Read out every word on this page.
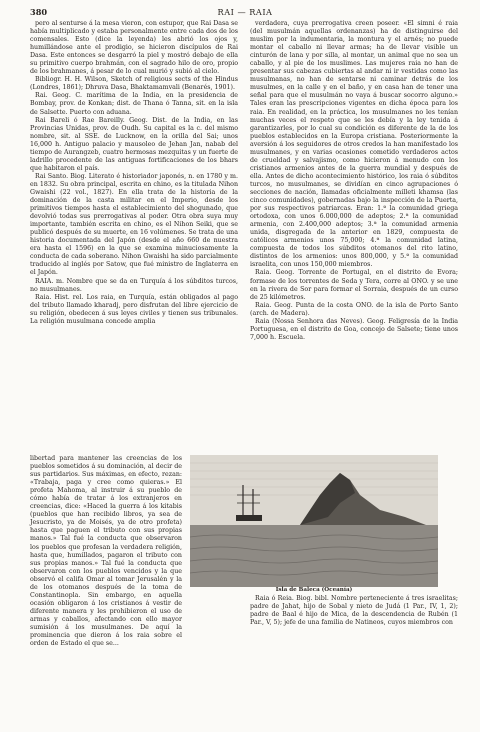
380	RAI — RAIA

pero al senturse á la mesa vieron, con estupor, que Rai Dasa se había multiplicado y estaba personalmente entre cada dos de los comensales. Esto (dice la leyenda) les abrió los ojos y, humillándose ante el prodigio, se hicieron discípulos de Rai Dasa. Este entonces se desgarró la piel y mostró debajo de ella su primitivo cuerpo brahmán, con el sagrado hilo de oro, propio de los brahmanes, á pesar de lo cual murió y subió al cielo.

Bibliogr. H. H. Wilson, Sketch of religious sects of the Hindus (Londres, 1861); Dhruva Dasa, Bhaktamamvali (Benarés, 1901).

Rai. Geog. C. marítima de la India, en la presidencia de Bombay, prov. de Konkan; dist. de Thana ó Tanna, sit. en la isla de Salsette. Puerto con aduana.

Rai Bareli ó Rae Bareilly. Geog. Dist. de la India, en las Provincias Unidas, prov. de Oudh. Su capital es la c. del mismo nombre, sit. al SSE. de Lucknow, en la orilla del Sai; unos 16,000 h. Antiguo palacio y mausoleo de Jehan Jan, nabab del tiempo de Aurangzeb, cuatro hermosas mezquitas y un fuerte de ladrillo procedente de las antiguas fortificaciones de los bhars que habitaron el país.

Rai Santo. Biog. Literato é historiador japonés, n. en 1780 y m. en 1832. Su obra principal, escrita en chino, es la titulada Nihon Gwaishi (22 vol., 1827). En ella trata de la historia de la dominación de la casta militar en el Imperio, desde los primitivos tiempos hasta el establecimiento del shogunado, que devolvió todas sus prerrogativas al poder. Otra obra suya muy importante, también escrita en chino, es el Nihon Seiki, que se publicó después de su muerte, en 16 volúmenes. Se trata de una historia documentada del Japón (desde el año 660 de nuestra era hasta el 1596) en la que se examina minuciosamente la conducta de cada soberano. Nihon Gwaishi ha sido parcialmente traducido al inglés por Satow, que fué ministro de Inglaterra en el Japón.

RAIA. m. Nombre que se da en Turquía á los súbditos turcos, no musulmanes.

Raia. Hist. rel. Los raia, en Turquía, están obligados al pago del tributo llamado kharadj, pero disfrutan del libre ejercicio de su religión, obedecen á sus leyes civiles y tienen sus tribunales. La religión musulmana concede amplia

libertad para mantener las creencias de los pueblos sometidos á su dominación, al decir de sus partidarios. Sus máximas, en efecto, rezan: «Trabaja, paga y cree como quieras.» El profeta Mahoma, al instruir á su pueblo de cómo había de tratar á los extranjeros en creencias, dice: «Haced la guerra á los kitabis (pueblos que han recibido libros, ya sea de Jesucristo, ya de Moisés, ya de otro profeta) hasta que paguen el tributo con sus propias manos.» Tal fué la conducta que observaron los pueblos que profesan la verdadera religión, hasta que, humillados, pagaron el tributo con sus propias manos.» Tal fué la conducta que observaron con los pueblos vencidos y la que observó el califa Omar al tomar Jerusalén y la de los otomanos después de la toma de Constantinopla. Sin embargo, en aquella ocasión obligaron á los cristianos á vestir de diferente manera y les prohibieron el uso de armas y caballos, afectando con ello mayor sumisión á los musulmanes. De aquí la prominencia que dieron á los raia sobre el orden de Estado el que se...

verdadera, cuya prerrogativa creen poseer. «El simni é raia (del musulmán aquellas ordenanzas) ha de distinguirse del muslim por la indumentaria, la montura y el arnés; no puede montar el caballo ni llevar armas; ha de llevar visible un cinturón de lana y por silla, al montar, un animal que no sea un caballo, y al pie de los muslimes. Las mujeres raia no han de presentar sus cabezas cubiertas al andar ni ir vestidas como las musulmanas, no han de sentarse ni caminar detrás de los musulmes, en la calle y en el baño, y en casa han de tener una señal para que el musulmán no vaya á buscar socorro alguno.» Tales eran las prescripciones vigentes en dicha época para los raia. En realidad, en la práctica, los musulmanes no les tenían muchas veces el respeto que se les debía y la ley tenida á garantizarles, por lo cual su condición es diferente de la de los pueblos establecidos en la Europa cristiana. Posteriormente la aversión á los seguidores de otros credos la han manifestado los musulmanes, y en varias ocasiones cometido verdaderos actos de crueldad y salvajismo, como hicieron á menudo con los cristianos armenios antes de la guerra mundial y después de ella. Antes de dicho acontecimiento histórico, los raia ó súbditos turcos, no musulmanes, se dividían en cinco agrupaciones ó secciones de nación, llamadas oficialmente milleti khamsa (las cinco comunidades), gobernadas bajo la inspección de la Puerta, por sus respectivos patriarcas. Eran: 1.ª la comunidad griega ortodoxa, con unos 6.000,000 de adeptos; 2.ª la comunidad armenia, con 2.400,000 adeptos; 3.ª la comunidad armenia unida, disgregada de la anterior en 1829, compuesta de católicos armenios unos 75,000; 4.ª la comunidad latina, compuesta de todos los súbditos otomanos del rito latino, distintos de los armenios: unos 800,000, y 5.ª la comunidad israelita, con unos 150,000 miembros.

Raia. Geog. Torrente de Portugal, en el distrito de Evora; formase de los torrentes de Seda y Tera, corre al ONO. y se une en la rivera de Sor para formar el Sorraia, después de un curso de 25 kilómetros.

Raia. Geog. Punta de la costa ONO. de la isla de Porto Santo (arch. de Madera).

Raia (Nossa Senhora das Neves). Geog. Feligresía de la India Portuguesa, en el distrito de Goa, concejo de Salsete; tiene unos 7,000 h. Escuela.

Isla de Baleca (Oceanía)

Raia ó Reia. Biog. bibl. Nombre perteneciente á tres israelitas; padre de Jahat, hijo de Sobal y nieto de Judá (1 Par., IV, 1, 2); padre de Baal é hijo de Mica, de la descendencia de Rubén (1 Par., V, 5); jefe de una familia de Natineos, cuyos miembros con
